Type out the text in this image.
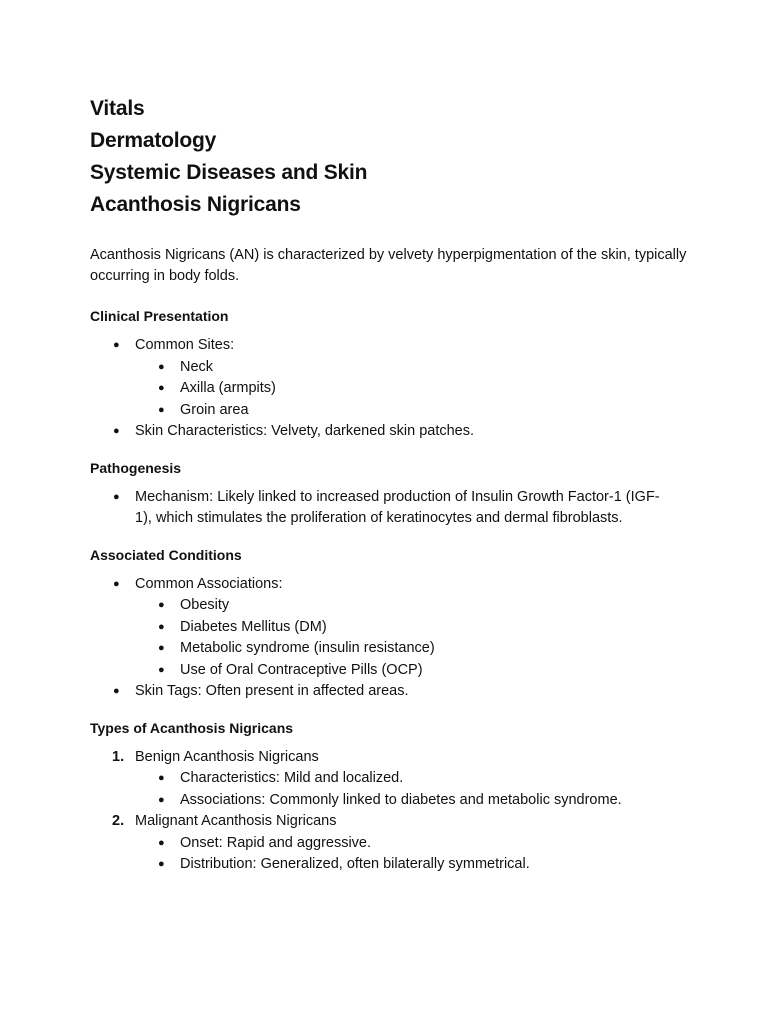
Vitals
Dermatology
Systemic Diseases and Skin
Acanthosis Nigricans

Acanthosis Nigricans (AN) is characterized by velvety hyperpigmentation of the skin, typically occurring in body folds.

Clinical Presentation
● Common Sites:
● Neck
● Axilla (armpits)
● Groin area
● Skin Characteristics: Velvety, darkened skin patches.
Pathogenesis
● Mechanism: Likely linked to increased production of Insulin Growth Factor-1 (IGF-1), which stimulates the proliferation of keratinocytes and dermal fibroblasts.
Associated Conditions
● Common Associations:
● Obesity
● Diabetes Mellitus (DM)
● Metabolic syndrome (insulin resistance)
● Use of Oral Contraceptive Pills (OCP)
● Skin Tags: Often present in affected areas.
Types of Acanthosis Nigricans
1. Benign Acanthosis Nigricans
● Characteristics: Mild and localized.
● Associations: Commonly linked to diabetes and metabolic syndrome.
2. Malignant Acanthosis Nigricans
● Onset: Rapid and aggressive.
● Distribution: Generalized, often bilaterally symmetrical.
